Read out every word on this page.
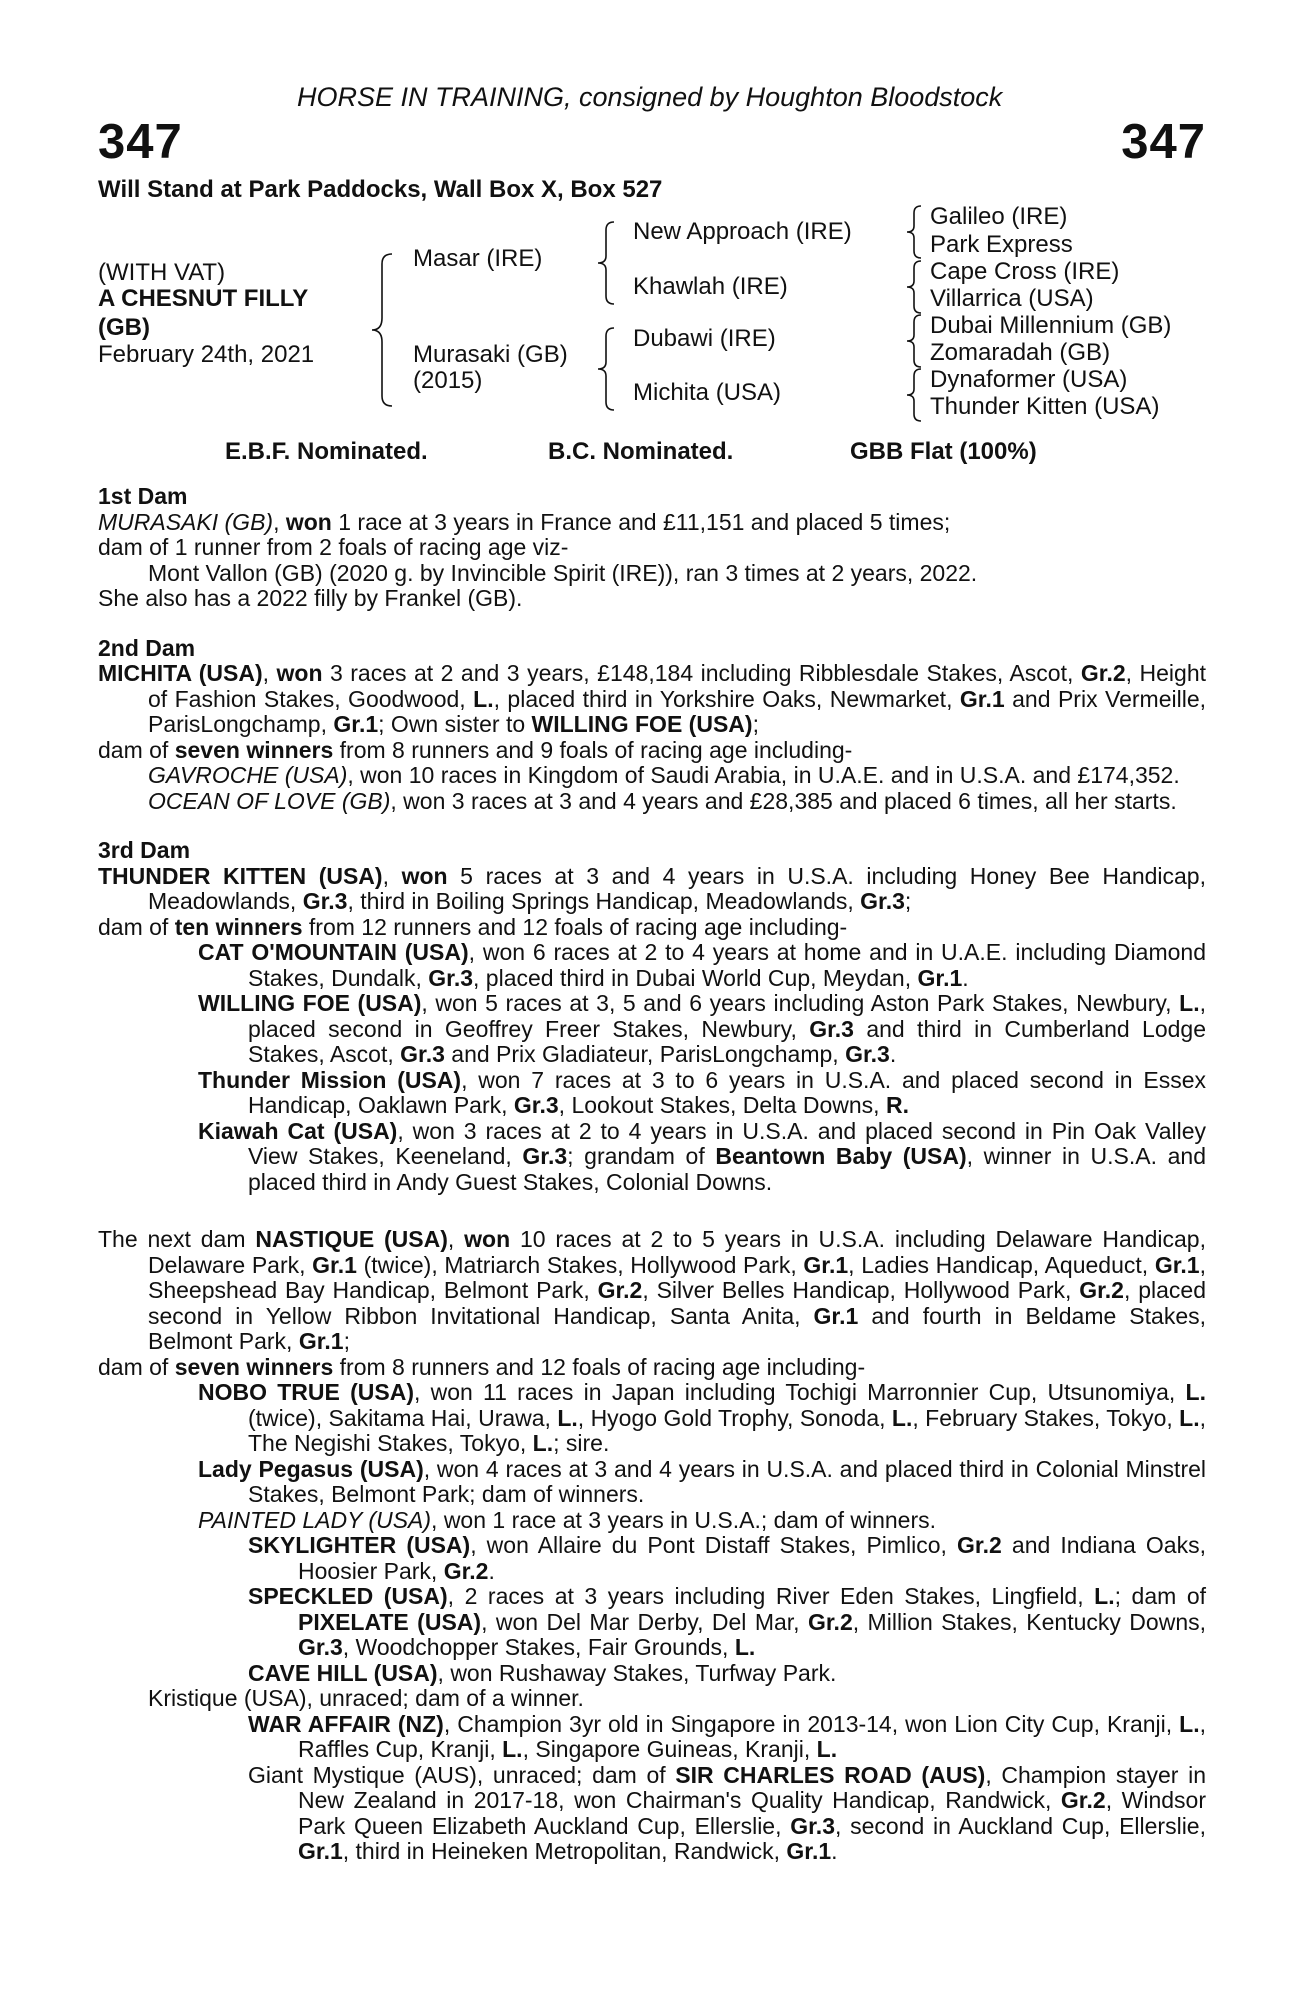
HORSE IN TRAINING, consigned by Houghton Bloodstock
347	347
Will Stand at Park Paddocks, Wall Box X, Box 527
(WITH VAT)
A CHESNUT FILLY
(GB)
February 24th, 2021
Masar (IRE)
Murasaki (GB)
(2015)
New Approach (IRE)
Khawlah (IRE)
Dubawi (IRE)
Michita (USA)
Galileo (IRE)
Park Express
Cape Cross (IRE)
Villarrica (USA)
Dubai Millennium (GB)
Zomaradah (GB)
Dynaformer (USA)
Thunder Kitten (USA)
E.B.F. Nominated.	B.C. Nominated.	GBB Flat (100%)

1st Dam

MURASAKI (GB), won 1 race at 3 years in France and £11,151 and placed 5 times;

dam of 1 runner from 2 foals of racing age viz-

Mont Vallon (GB) (2020 g. by Invincible Spirit (IRE)), ran 3 times at 2 years, 2022.

She also has a 2022 filly by Frankel (GB).

2nd Dam

MICHITA (USA), won 3 races at 2 and 3 years, £148,184 including Ribblesdale Stakes, Ascot, Gr.2, Height of Fashion Stakes, Goodwood, L., placed third in Yorkshire Oaks, Newmarket, Gr.1 and Prix Vermeille, ParisLongchamp, Gr.1; Own sister to WILLING FOE (USA);

dam of seven winners from 8 runners and 9 foals of racing age including-

GAVROCHE (USA), won 10 races in Kingdom of Saudi Arabia, in U.A.E. and in U.S.A. and £174,352.

OCEAN OF LOVE (GB), won 3 races at 3 and 4 years and £28,385 and placed 6 times, all her starts.

3rd Dam

THUNDER KITTEN (USA), won 5 races at 3 and 4 years in U.S.A. including Honey Bee Handicap, Meadowlands, Gr.3, third in Boiling Springs Handicap, Meadowlands, Gr.3;

dam of ten winners from 12 runners and 12 foals of racing age including-

CAT O'MOUNTAIN (USA), won 6 races at 2 to 4 years at home and in U.A.E. including Diamond Stakes, Dundalk, Gr.3, placed third in Dubai World Cup, Meydan, Gr.1.

WILLING FOE (USA), won 5 races at 3, 5 and 6 years including Aston Park Stakes, Newbury, L., placed second in Geoffrey Freer Stakes, Newbury, Gr.3 and third in Cumberland Lodge Stakes, Ascot, Gr.3 and Prix Gladiateur, ParisLongchamp, Gr.3.

Thunder Mission (USA), won 7 races at 3 to 6 years in U.S.A. and placed second in Essex Handicap, Oaklawn Park, Gr.3, Lookout Stakes, Delta Downs, R.

Kiawah Cat (USA), won 3 races at 2 to 4 years in U.S.A. and placed second in Pin Oak Valley View Stakes, Keeneland, Gr.3; grandam of Beantown Baby (USA), winner in U.S.A. and placed third in Andy Guest Stakes, Colonial Downs.

The next dam NASTIQUE (USA), won 10 races at 2 to 5 years in U.S.A. including Delaware Handicap, Delaware Park, Gr.1 (twice), Matriarch Stakes, Hollywood Park, Gr.1, Ladies Handicap, Aqueduct, Gr.1, Sheepshead Bay Handicap, Belmont Park, Gr.2, Silver Belles Handicap, Hollywood Park, Gr.2, placed second in Yellow Ribbon Invitational Handicap, Santa Anita, Gr.1 and fourth in Beldame Stakes, Belmont Park, Gr.1;

dam of seven winners from 8 runners and 12 foals of racing age including-

NOBO TRUE (USA), won 11 races in Japan including Tochigi Marronnier Cup, Utsunomiya, L. (twice), Sakitama Hai, Urawa, L., Hyogo Gold Trophy, Sonoda, L., February Stakes, Tokyo, L., The Negishi Stakes, Tokyo, L.; sire.

Lady Pegasus (USA), won 4 races at 3 and 4 years in U.S.A. and placed third in Colonial Minstrel Stakes, Belmont Park; dam of winners.

PAINTED LADY (USA), won 1 race at 3 years in U.S.A.; dam of winners.

SKYLIGHTER (USA), won Allaire du Pont Distaff Stakes, Pimlico, Gr.2 and Indiana Oaks, Hoosier Park, Gr.2.

SPECKLED (USA), 2 races at 3 years including River Eden Stakes, Lingfield, L.; dam of PIXELATE (USA), won Del Mar Derby, Del Mar, Gr.2, Million Stakes, Kentucky Downs, Gr.3, Woodchopper Stakes, Fair Grounds, L.

CAVE HILL (USA), won Rushaway Stakes, Turfway Park.

Kristique (USA), unraced; dam of a winner.

WAR AFFAIR (NZ), Champion 3yr old in Singapore in 2013-14, won Lion City Cup, Kranji, L., Raffles Cup, Kranji, L., Singapore Guineas, Kranji, L.

Giant Mystique (AUS), unraced; dam of SIR CHARLES ROAD (AUS), Champion stayer in New Zealand in 2017-18, won Chairman's Quality Handicap, Randwick, Gr.2, Windsor Park Queen Elizabeth Auckland Cup, Ellerslie, Gr.3, second in Auckland Cup, Ellerslie, Gr.1, third in Heineken Metropolitan, Randwick, Gr.1.
